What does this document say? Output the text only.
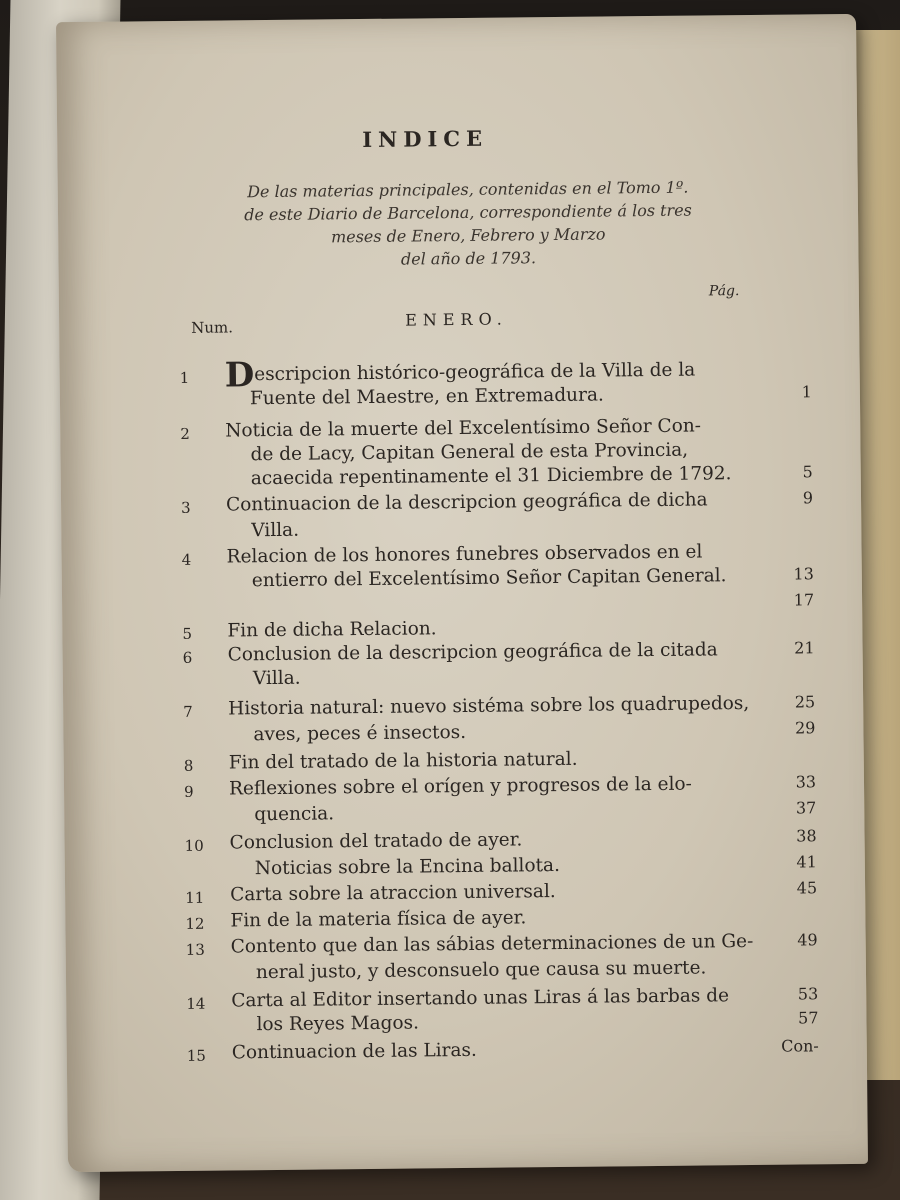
INDICE
De las materias principales, contenidas en el Tomo 1º.
de este Diario de Barcelona, correspondiente á los tres
meses de Enero, Febrero y Marzo
del año de 1793.
Pág.
Num.	ENERO.
1	Descripcion histórico-geográfica de la Villa de la
Fuente del Maestre, en Extremadura.	1
2	Noticia de la muerte del Excelentísimo Señor Con-
de de Lacy, Capitan General de esta Provincia,
acaecida repentinamente el 31 Diciembre de 1792.	5
3	Continuacion de la descripcion geográfica de dicha	9
Villa.
4	Relacion de los honores funebres observados en el
entierro del Excelentísimo Señor Capitan General.	13
17
5	Fin de dicha Relacion.
6	Conclusion de la descripcion geográfica de la citada	21
Villa.
7	Historia natural: nuevo sistéma sobre los quadrupedos,	25
aves, peces é insectos.	29
8	Fin del tratado de la historia natural.
9	Reflexiones sobre el orígen y progresos de la elo-	33
quencia.	37
10	Conclusion del tratado de ayer.	38
Noticias sobre la Encina ballota.	41
11	Carta sobre la atraccion universal.	45
12	Fin de la materia física de ayer.
13	Contento que dan las sábias determinaciones de un Ge-	49
neral justo, y desconsuelo que causa su muerte.
14	Carta al Editor insertando unas Liras á las barbas de	53
los Reyes Magos.	57
15	Continuacion de las Liras.	Con-
